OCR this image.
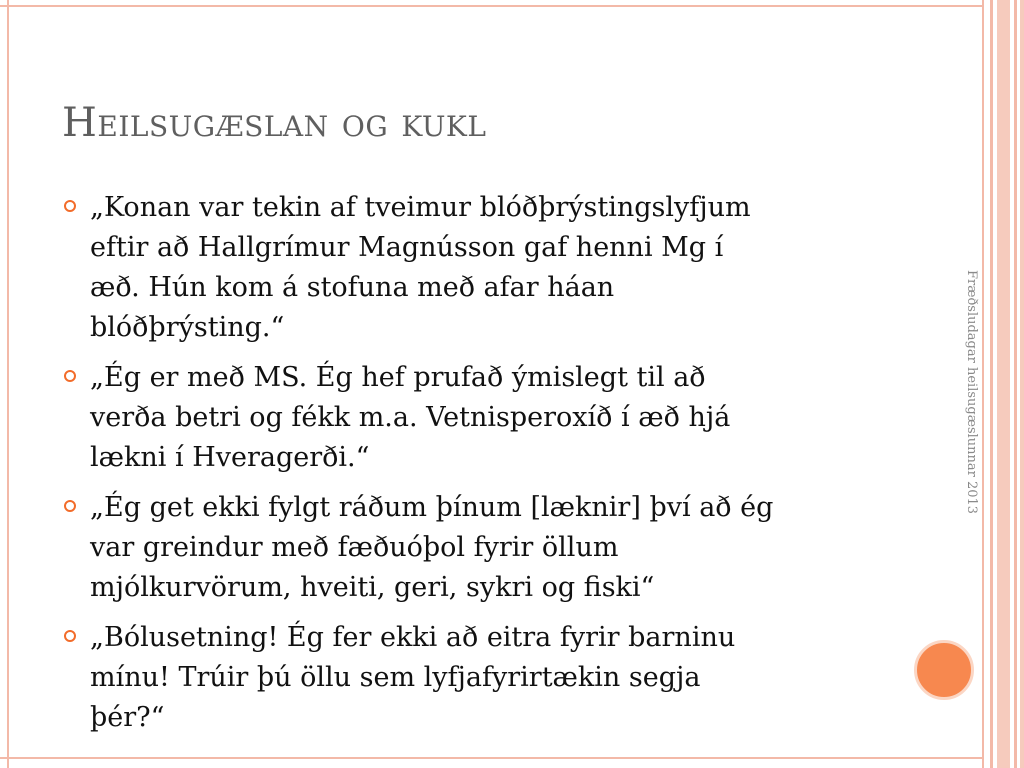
Heilsugæslan og kukl
„Konan var tekin af tveimur blóðþrýstingslyfjum
eftir að Hallgrímur Magnússon gaf henni Mg í
æð. Hún kom á stofuna með afar háan
blóðþrýsting.“
„Ég er með MS. Ég hef prufað ýmislegt til að
verða betri og fékk m.a. Vetnisperoxíð í æð hjá
lækni í Hveragerði.“
„Ég get ekki fylgt ráðum þínum [læknir] því að ég
var greindur með fæðuóþol fyrir öllum
mjólkurvörum, hveiti, geri, sykri og fiski“
„Bólusetning! Ég fer ekki að eitra fyrir barninu
mínu! Trúir þú öllu sem lyfjafyrirtækin segja
þér?“
Fræðsludagar heilsugæslunnar 2013
